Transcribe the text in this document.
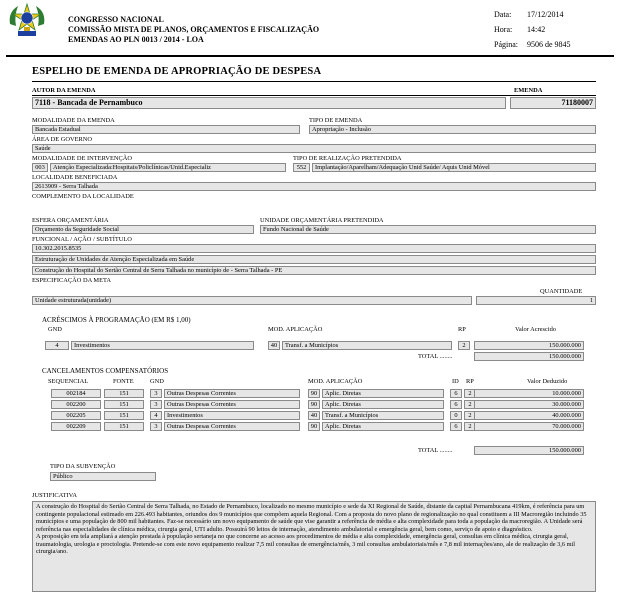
CONGRESSO NACIONAL
COMISSÃO MISTA DE PLANOS, ORÇAMENTOS E FISCALIZAÇÃO
EMENDAS AO PLN 0013 / 2014 - LOA
Data: 17/12/2014
Hora: 14:42
Página: 9506 de 9845
ESPELHO DE EMENDA DE APROPRIAÇÃO DE DESPESA
AUTOR DA EMENDA	EMENDA
7118 - Bancada de Pernambuco	71180007
MODALIDADE DA EMENDA	TIPO DE EMENDA
Bancada Estadual	Apropriação - Inclusão
ÁREA DE GOVERNO
Saúde
MODALIDADE DE INTERVENÇÃO	TIPO DE REALIZAÇÃO PRETENDIDA
003	Atenção Especializada:Hospitais/Policlínicas/Unid.Especializ	552	Implantação/Aparelham/Adequação Unid Saúde/ Aquis Unid Móvel
LOCALIDADE BENEFICIADA
2613909 - Serra Talhada
COMPLEMENTO DA LOCALIDADE
ESFERA ORÇAMENTÁRIA	UNIDADE ORÇAMENTÁRIA PRETENDIDA
Orçamento da Seguridade Social	Fundo Nacional de Saúde
FUNCIONAL / AÇÃO / SUBTÍTULO
10.302.2015.8535
Estruturação de Unidades de Atenção Especializada em Saúde
Construção do Hospital do Sertão Central de Serra Talhada no município de - Serra Talhada - PE
ESPECIFICAÇÃO DA META
QUANTIDADE
Unidade estruturada(unidade)	1
ACRÉSCIMOS À PROGRAMAÇÃO (EM R$ 1,00)
GND	MOD. APLICAÇÃO	RP	Valor Acrescido
4	Investimentos	40	Transf. a Municípios	2	150.000.000
TOTAL ........	150.000.000
CANCELAMENTOS COMPENSATÓRIOS
SEQUENCIAL	FONTE	GND	MOD. APLICAÇÃO	ID RP	Valor Deduzido
002184	151	3	Outras Despesas Correntes	90	Aplic. Diretas	6	2	10.000.000
002200	151	3	Outras Despesas Correntes	90	Aplic. Diretas	6	2	30.000.000
002205	151	4	Investimentos	40	Transf. a Municípios	0	2	40.000.000
002209	151	3	Outras Despesas Correntes	90	Aplic. Diretas	6	2	70.000.000
TOTAL ........	150.000.000
TIPO DA SUBVENÇÃO
Público
JUSTIFICATIVA

A construção do Hospital do Sertão Central de Serra Talhada, no Estado de Pernambuco, localizado no mesmo município e sede da XI Regional de Saúde, distante da capital Pernambucana 419km, é referência para um contingente populacional estimado em 226.493 habitantes, oriundos dos 9 municípios que compõem aquela Regional. Com a proposta do novo plano de regionalização no qual constituem a III Macroregião incluindo 35 municípios e uma população de 800 mil habitantes. Faz-se necessário um novo equipamento de saúde que vise garantir a referência de média e alta complexidade para toda a população da macroregião. A Unidade será referência nas especialidades de clínica médica, cirurgia geral, UTI adulto. Possuirá 90 leitos de internação, atendimento ambulatorial e emergência geral, bem como, serviço de apoio e diagnóstico.

A proposição em tela ampliará a atenção prestada à população sertaneja no que concerne ao acesso aos procedimentos de média e alta complexidade, emergência geral, consultas em clínica médica, cirurgia geral, traumatologia, urologia e proctologia. Pretende-se com este novo equipamento realizar 7,5 mil consultas de emergência/mês, 3 mil consultas ambulatoriais/mês e 7,8 mil internações/ano, ale de realização de 3,6 mil cirurgia/ano.
